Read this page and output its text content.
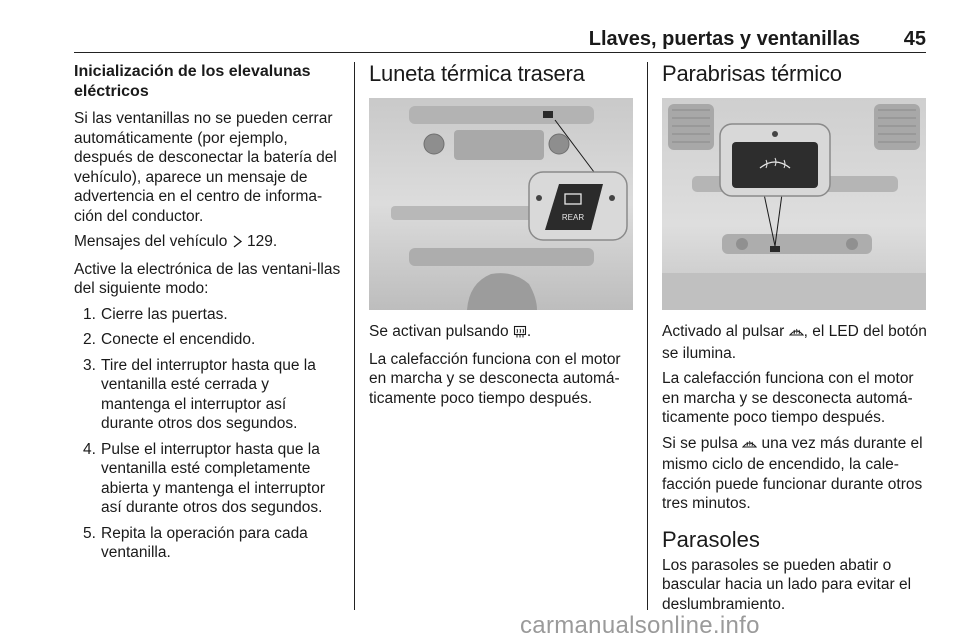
Llaves, puertas y ventanillas 45
Inicialización de los elevalunas eléctricos

Si las ventanillas no se pueden cerrar automáticamente (por ejemplo, después de desconectar la batería del vehículo), aparece un mensaje de advertencia en el centro de informa-ción del conductor.

Mensajes del vehículo 129.

Active la electrónica de las ventani-llas del siguiente modo:

1. Cierre las puertas.
2. Conecte el encendido.
3. Tire del interruptor hasta que la ventanilla esté cerrada y mantenga el interruptor así durante otros dos segundos.
4. Pulse el interruptor hasta que la ventanilla esté completamente abierta y mantenga el interruptor así durante otros dos segundos.
5. Repita la operación para cada ventanilla.
Luneta térmica trasera
REAR

Se activan pulsando .

La calefacción funciona con el motor en marcha y se desconecta automá-ticamente poco tiempo después.

Parabrisas térmico

Activado al pulsar , el LED del botón se ilumina.

La calefacción funciona con el motor en marcha y se desconecta automá-ticamente poco tiempo después.

Si se pulsa una vez más durante el mismo ciclo de encendido, la cale-facción puede funcionar durante otros tres minutos.

Parasoles

Los parasoles se pueden abatir o bascular hacia un lado para evitar el deslumbramiento.

carmanualsonline.info
